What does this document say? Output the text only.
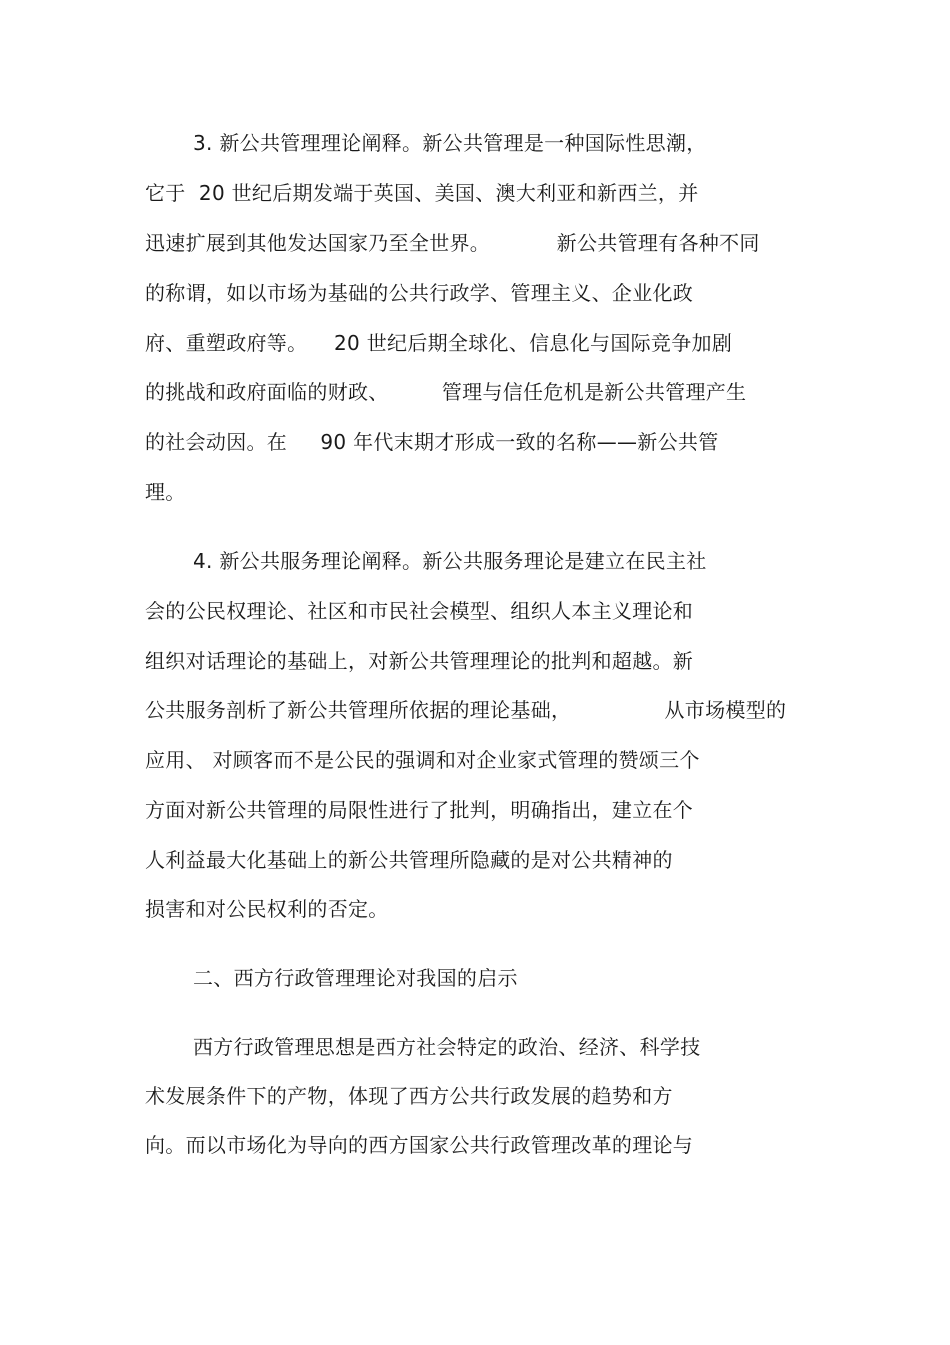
3. 新公共管理理论阐释。新公共管理是一种国际性思潮，
它于  20 世纪后期发端于英国、美国、澳大利亚和新西兰，并
迅速扩展到其他发达国家乃至全世界。          新公共管理有各种不同
的称谓，如以市场为基础的公共行政学、管理主义、企业化政
府、重塑政府等。    20 世纪后期全球化、信息化与国际竞争加剧
的挑战和政府面临的财政、        管理与信任危机是新公共管理产生
的社会动因。在     90 年代末期才形成一致的名称——新公共管
理。
4. 新公共服务理论阐释。新公共服务理论是建立在民主社
会的公民权理论、社区和市民社会模型、组织人本主义理论和
组织对话理论的基础上，对新公共管理理论的批判和超越。新
公共服务剖析了新公共管理所依据的理论基础，              从市场模型的
应用、 对顾客而不是公民的强调和对企业家式管理的赞颂三个
方面对新公共管理的局限性进行了批判，明确指出，建立在个
人利益最大化基础上的新公共管理所隐藏的是对公共精神的
损害和对公民权利的否定。
二、西方行政管理理论对我国的启示
西方行政管理思想是西方社会特定的政治、经济、科学技
术发展条件下的产物，体现了西方公共行政发展的趋势和方
向。而以市场化为导向的西方国家公共行政管理改革的理论与
